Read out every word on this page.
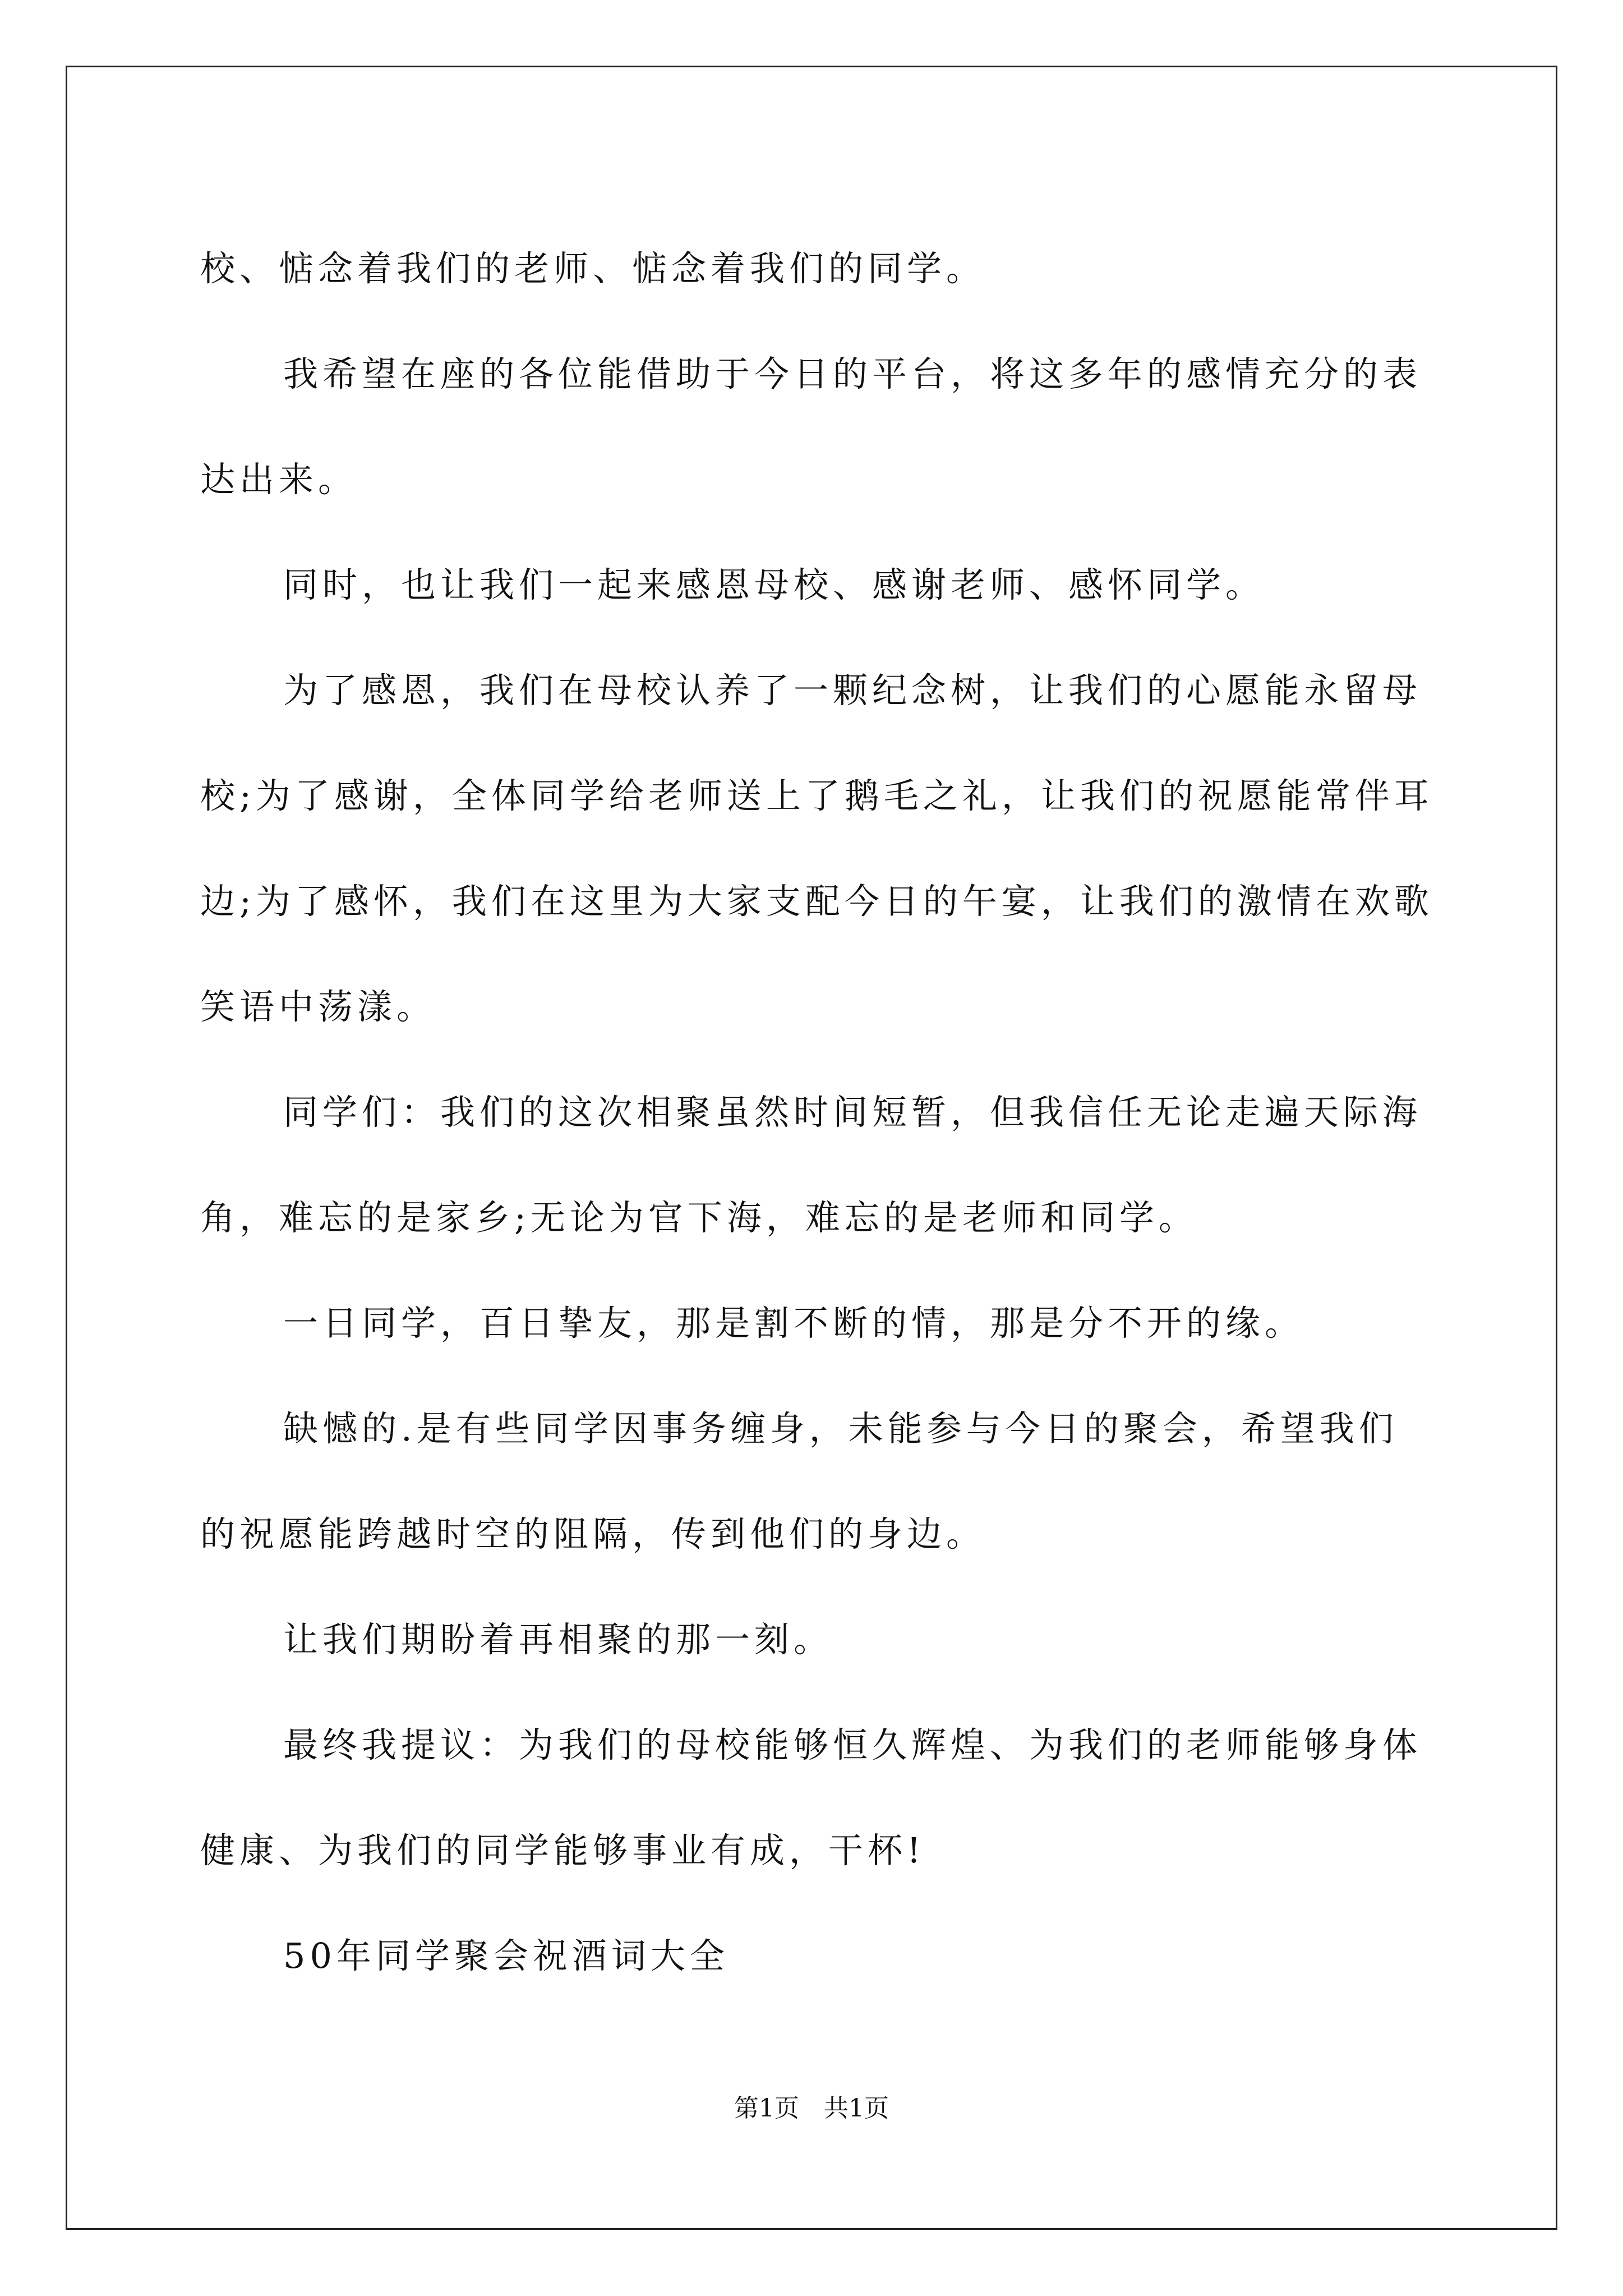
校、惦念着我们的老师、惦念着我们的同学。

我希望在座的各位能借助于今日的平台，将这多年的感情充分的表达出来。

同时，也让我们一起来感恩母校、感谢老师、感怀同学。

为了感恩，我们在母校认养了一颗纪念树，让我们的心愿能永留母校;为了感谢，全体同学给老师送上了鹅毛之礼，让我们的祝愿能常伴耳边;为了感怀，我们在这里为大家支配今日的午宴，让我们的激情在欢歌笑语中荡漾。

同学们：我们的这次相聚虽然时间短暂，但我信任无论走遍天际海角，难忘的是家乡;无论为官下海，难忘的是老师和同学。

一日同学，百日挚友，那是割不断的情，那是分不开的缘。

缺憾的.是有些同学因事务缠身，未能参与今日的聚会，希望我们的祝愿能跨越时空的阻隔，传到他们的身边。

让我们期盼着再相聚的那一刻。

最终我提议：为我们的母校能够恒久辉煌、为我们的老师能够身体健康、为我们的同学能够事业有成，干杯!

50年同学聚会祝酒词大全

第1页　共1页
